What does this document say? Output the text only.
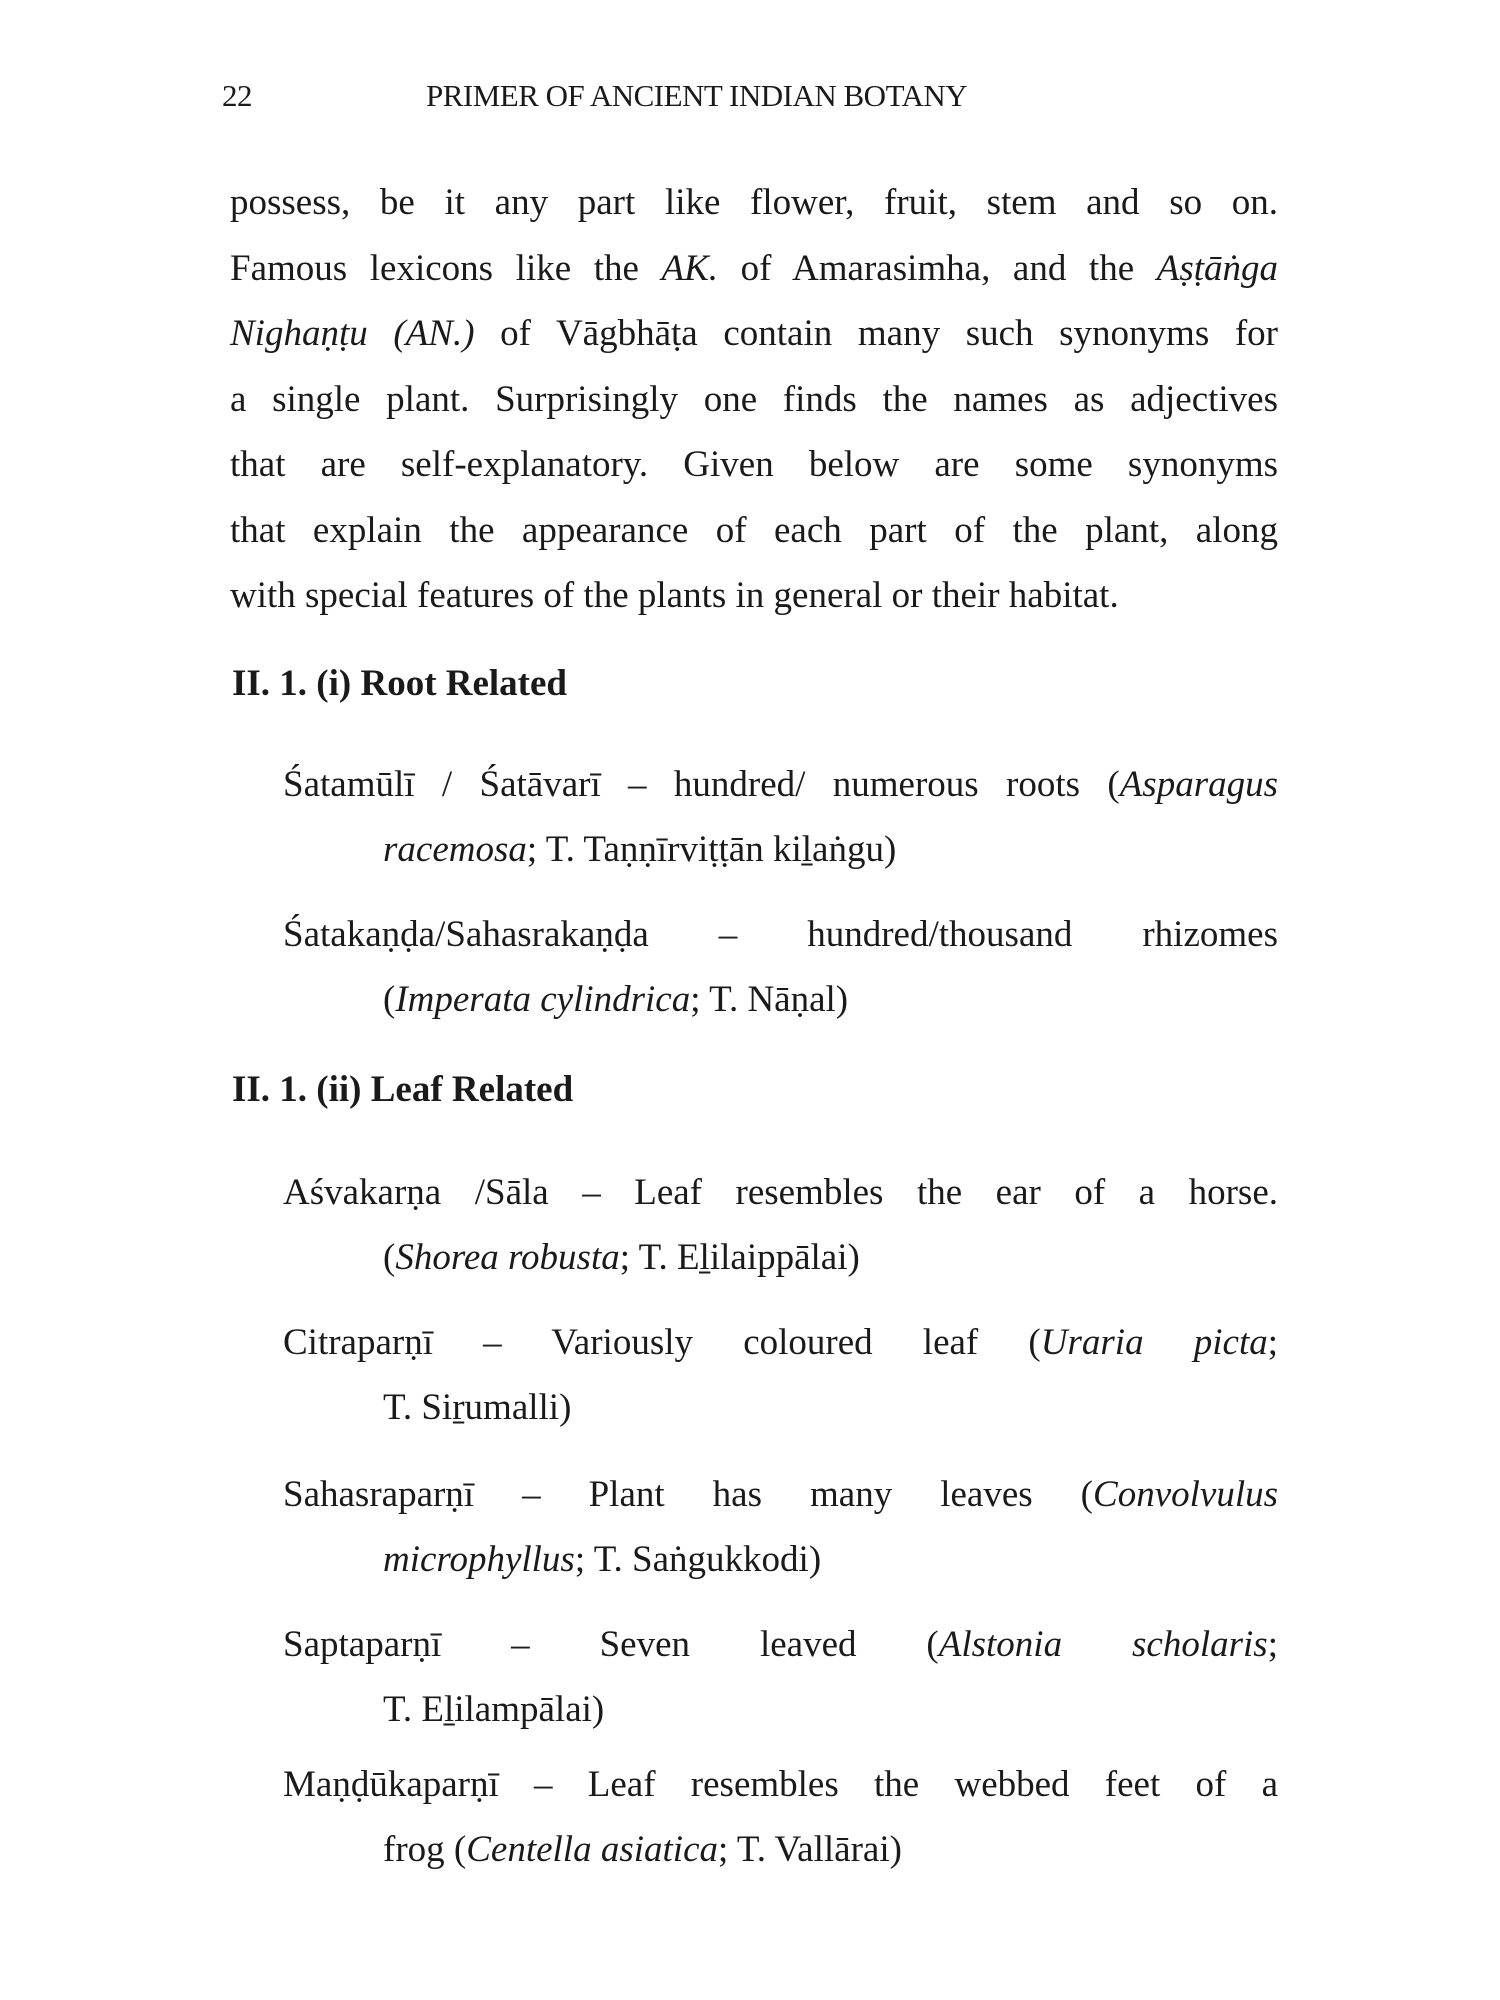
22	PRIMER OF ANCIENT INDIAN BOTANY
possess, be it any part like flower, fruit, stem and so on.
Famous lexicons like the AK. of Amarasimha, and the Aṣṭāṅga
Nighaṇṭu (AN.) of Vāgbhāṭa contain many such synonyms for
a single plant. Surprisingly one finds the names as adjectives
that are self-explanatory. Given below are some synonyms
that explain the appearance of each part of the plant, along
with special features of the plants in general or their habitat.
II. 1. (i) Root Related
Śatamūlī / Śatāvarī – hundred/ numerous roots (Asparagus
racemosa; T. Taṇṇīrviṭṭān kiḻaṅgu)
Śatakaṇḍa/Sahasrakaṇḍa – hundred/thousand rhizomes
(Imperata cylindrica; T. Nāṇal)
II. 1. (ii) Leaf Related
Aśvakarṇa /Sāla – Leaf resembles the ear of a horse.
(Shorea robusta; T. Eḻilaippālai)
Citraparṇī – Variously coloured leaf (Uraria picta;
T. Siṟumalli)
Sahasraparṇī – Plant has many leaves (Convolvulus
microphyllus; T. Saṅgukkodi)
Saptaparṇī – Seven leaved (Alstonia scholaris;
T. Eḻilampālai)
Maṇḍūkaparṇī – Leaf resembles the webbed feet of a
frog (Centella asiatica; T. Vallārai)
